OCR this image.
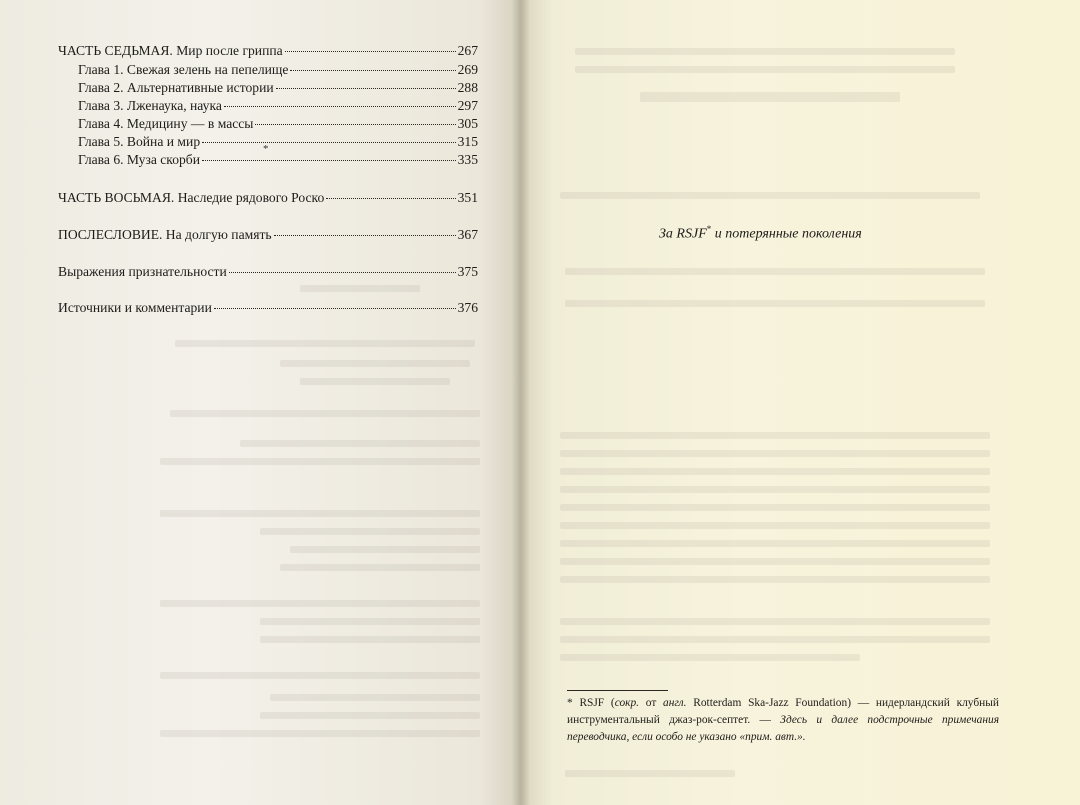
ЧАСТЬ СЕДЬМАЯ. Мир после гриппа	267
Глава 1. Свежая зелень на пепелище	269
Глава 2. Альтернативные истории	288
Глава 3. Лженаука, наука	297
Глава 4. Медицину — в массы	305
Глава 5. Война и мир	315
Глава 6. Муза скорби	335
ЧАСТЬ ВОСЬМАЯ. Наследие рядового Роско	351
ПОСЛЕСЛОВИЕ. На долгую память	367
Выражения признательности	375
Источники и комментарии	376
*
За RSJF* и потерянные поколения
* RSJF (сокр. от англ. Rotterdam Ska-Jazz Foundation) — нидерландский клубный инструментальный джаз-рок-септет. — Здесь и далее подстрочные примечания переводчика, если особо не указано «прим. авт.».
